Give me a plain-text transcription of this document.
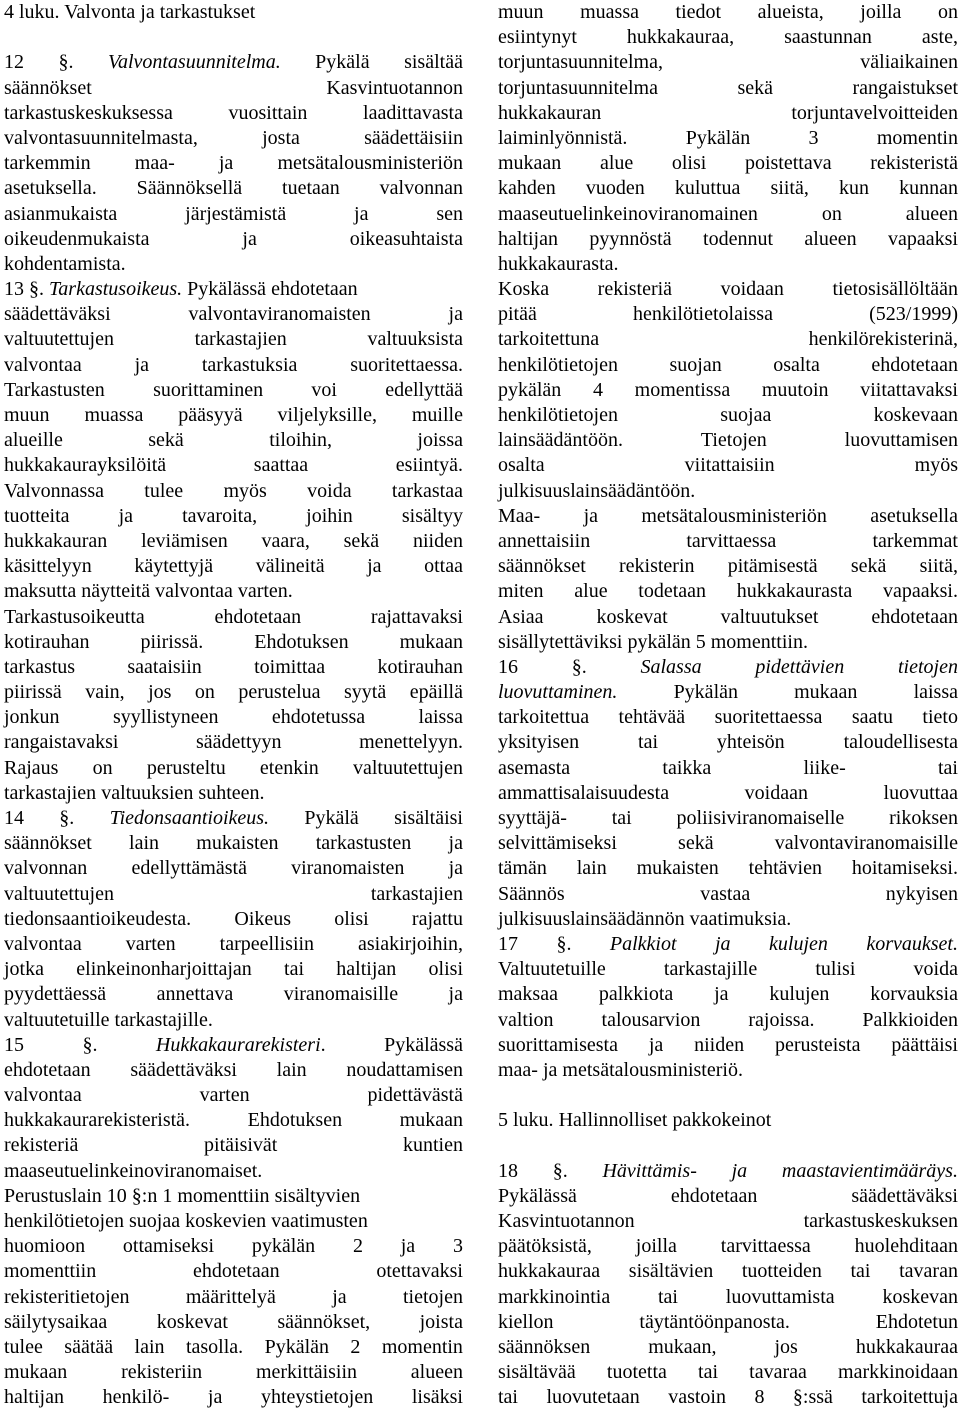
4 luku. Valvonta ja tarkastukset
12 §. Valvontasuunnitelma. Pykälä sisältää
säännökset	Kasvintuotannon
tarkastuskeskuksessa	vuosittain	laadittavasta
valvontasuunnitelmasta,	josta	säädettäisiin
tarkemmin maa- ja metsätalousministeriön
asetuksella. Säännöksellä tuetaan valvonnan
asianmukaista	järjestämistä	ja	sen
oikeudenmukaista	ja	oikeasuhtaista
kohdentamista.
13 §. Tarkastusoikeus. Pykälässä ehdotetaan
säädettäväksi	valvontaviranomaisten	ja
valtuutettujen	tarkastajien	valtuuksista
valvontaa	ja	tarkastuksia	suoritettaessa.
Tarkastusten suorittaminen voi edellyttää
muun muassa pääsyyä viljelyksille, muille
alueille	sekä	tiloihin,	joissa
hukkakaurayksilöitä	saattaa	esiintyä.
Valvonnassa tulee myös voida tarkastaa
tuotteita ja tavaroita, joihin sisältyy
hukkakauran leviämisen vaara, sekä niiden
käsittelyyn käytettyjä välineitä ja ottaa
maksutta näytteitä valvontaa varten.
Tarkastusoikeutta	ehdotetaan	rajattavaksi
kotirauhan	piirissä.	Ehdotuksen	mukaan
tarkastus	saataisiin	toimittaa	kotirauhan
piirissä vain, jos on perustelua syytä epäillä
jonkun	syyllistyneen	ehdotetussa	laissa
rangaistavaksi	säädettyyn	menettelyyn.
Rajaus on perusteltu etenkin valtuutettujen
tarkastajien valtuuksien suhteen.
14 §. Tiedonsaantioikeus. Pykälä sisältäisi
säännökset lain mukaisten tarkastusten ja
valvonnan edellyttämästä viranomaisten ja
valtuutettujen	tarkastajien
tiedonsaantioikeudesta. Oikeus olisi rajattu
valvontaa varten tarpeellisiin asiakirjoihin,
jotka elinkeinonharjoittajan tai haltijan olisi
pyydettäessä	annettava	viranomaisille	ja
valtuutetuille tarkastajille.
15	§.	Hukkakaurarekisteri.	Pykälässä
ehdotetaan säädettäväksi lain noudattamisen
valvontaa	varten	pidettävästä
hukkakaurarekisteristä.	Ehdotuksen	mukaan
rekisteriä	pitäisivät	kuntien
maaseutuelinkeinoviranomaiset.
Perustuslain 10 §:n 1 momenttiin sisältyvien
henkilötietojen suojaa koskevien vaatimusten
huomioon ottamiseksi pykälän 2 ja 3
momenttiin	ehdotetaan	otettavaksi
rekisteritietojen	määrittelyä	ja	tietojen
säilytysaikaa koskevat säännökset, joista
tulee säätää lain tasolla. Pykälän 2 momentin
mukaan	rekisteriin	merkittäisiin	alueen
haltijan henkilö- ja yhteystietojen lisäksi
muun muassa tiedot alueista, joilla on
esiintynyt	hukkakauraa,	saastunnan	aste,
torjuntasuunnitelma,	väliaikainen
torjuntasuunnitelma	sekä	rangaistukset
hukkakauran	torjuntavelvoitteiden
laiminlyönnistä.	Pykälän	3	momentin
mukaan alue olisi poistettava rekisteristä
kahden vuoden kuluttua siitä, kun kunnan
maaseutuelinkeinoviranomainen	on	alueen
haltijan pyynnöstä todennut alueen vapaaksi
hukkakaurasta.
Koska rekisteriä voidaan tietosisällöltään
pitää	henkilötietolaissa	(523/1999)
tarkoitettuna	henkilörekisterinä,
henkilötietojen	suojan	osalta	ehdotetaan
pykälän 4 momentissa muutoin viitattavaksi
henkilötietojen	suojaa	koskevaan
lainsäädäntöön.	Tietojen	luovuttamisen
osalta	viitattaisiin	myös
julkisuuslainsäädäntöön.
Maa- ja metsätalousministeriön asetuksella
annettaisiin	tarvittaessa	tarkemmat
säännökset rekisterin pitämisestä sekä siitä,
miten alue todetaan hukkakaurasta vapaaksi.
Asiaa	koskevat	valtuutukset	ehdotetaan
sisällytettäviksi pykälän 5 momenttiin.
16	§.	Salassa	pidettävien	tietojen
luovuttaminen.	Pykälän	mukaan	laissa
tarkoitettua tehtävää suoritettaessa saatu tieto
yksityisen	tai	yhteisön	taloudellisesta
asemasta	taikka	liike-	tai
ammattisalaisuudesta	voidaan	luovuttaa
syyttäjä- tai poliisiviranomaiselle rikoksen
selvittämiseksi	sekä	valvontaviranomaisille
tämän lain mukaisten tehtävien hoitamiseksi.
Säännös	vastaa	nykyisen
julkisuuslainsäädännön vaatimuksia.
17 §. Palkkiot ja kulujen korvaukset.
Valtuutetuille	tarkastajille	tulisi	voida
maksaa palkkiota ja kulujen korvauksia
valtion talousarvion rajoissa. Palkkioiden
suorittamisesta ja niiden perusteista päättäisi
maa- ja metsätalousministeriö.
5 luku. Hallinnolliset pakkokeinot
18 §. Hävittämis- ja maastavientimääräys.
Pykälässä	ehdotetaan	säädettäväksi
Kasvintuotannon	tarkastuskeskuksen
päätöksistä, joilla tarvittaessa huolehditaan
hukkakauraa sisältävien tuotteiden tai tavaran
markkinointia tai luovuttamista koskevan
kiellon	täytäntöönpanosta.	Ehdotetun
säännöksen	mukaan,	jos	hukkakauraa
sisältävää tuotetta tai tavaraa markkinoidaan
tai luovutetaan vastoin 8 §:ssä tarkoitettuja
